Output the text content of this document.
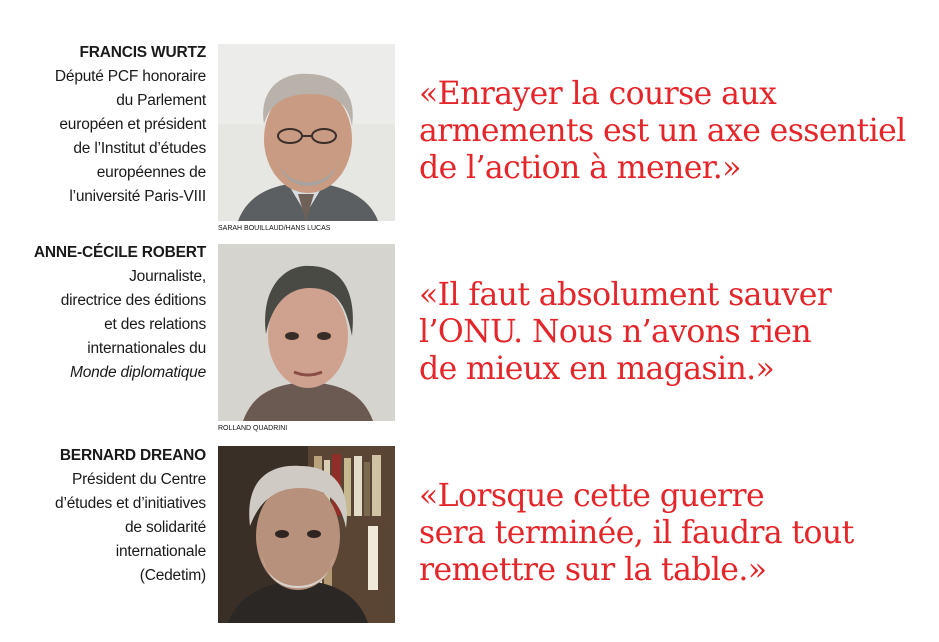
FRANCIS WURTZ
Député PCF honoraire
du Parlement
européen et président
de l’Institut d’études
européennes de
l’université Paris-VIII
SARAH BOUILLAUD/HANS LUCAS
«Enrayer la course aux
armements est un axe essentiel
de l’action à mener.»
ANNE-CÉCILE ROBERT
Journaliste,
directrice des éditions
et des relations
internationales du
Monde diplomatique
ROLLAND QUADRINI
«Il faut absolument sauver
l’ONU. Nous n’avons rien
de mieux en magasin.»
BERNARD DREANO
Président du Centre
d’études et d’initiatives
de solidarité
internationale
(Cedetim)
«Lorsque cette guerre
sera terminée, il faudra tout
remettre sur la table.»
